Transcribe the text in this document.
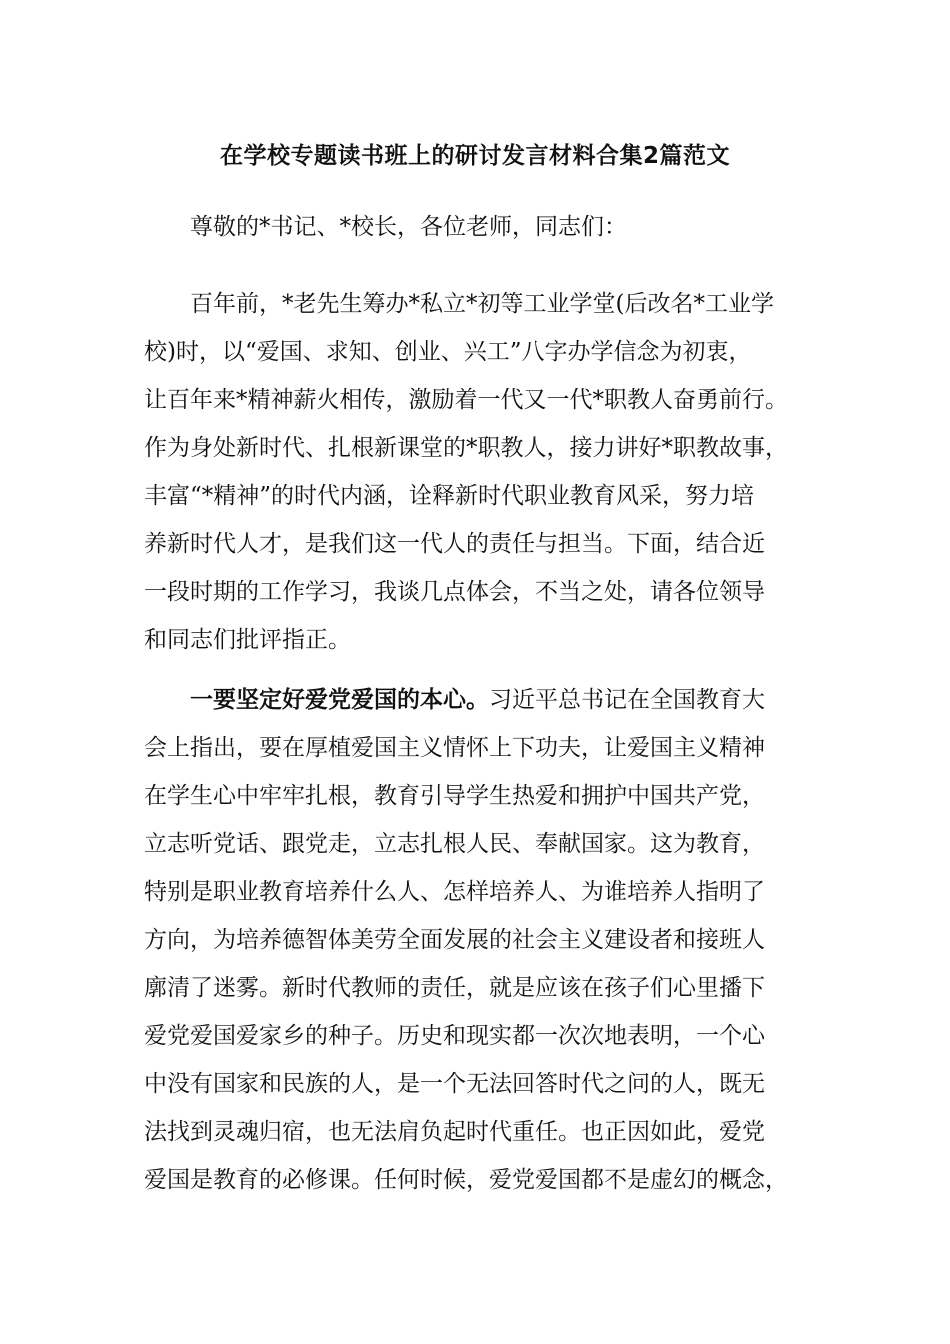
在学校专题读书班上的研讨发言材料合集2篇范文
尊敬的*书记、*校长，各位老师，同志们：
百年前，*老先生筹办*私立*初等工业学堂(后改名*工业学
校)时，以“爱国、求知、创业、兴工”八字办学信念为初衷，
让百年来*精神薪火相传，激励着一代又一代*职教人奋勇前行。
作为身处新时代、扎根新课堂的*职教人，接力讲好*职教故事，
丰富“*精神”的时代内涵，诠释新时代职业教育风采，努力培
养新时代人才，是我们这一代人的责任与担当。下面，结合近
一段时期的工作学习，我谈几点体会，不当之处，请各位领导
和同志们批评指正。
一要坚定好爱党爱国的本心。习近平总书记在全国教育大
会上指出，要在厚植爱国主义情怀上下功夫，让爱国主义精神
在学生心中牢牢扎根，教育引导学生热爱和拥护中国共产党，
立志听党话、跟党走，立志扎根人民、奉献国家。这为教育，
特别是职业教育培养什么人、怎样培养人、为谁培养人指明了
方向，为培养德智体美劳全面发展的社会主义建设者和接班人
廓清了迷雾。新时代教师的责任，就是应该在孩子们心里播下
爱党爱国爱家乡的种子。历史和现实都一次次地表明，一个心
中没有国家和民族的人，是一个无法回答时代之问的人，既无
法找到灵魂归宿，也无法肩负起时代重任。也正因如此，爱党
爱国是教育的必修课。任何时候，爱党爱国都不是虚幻的概念，
